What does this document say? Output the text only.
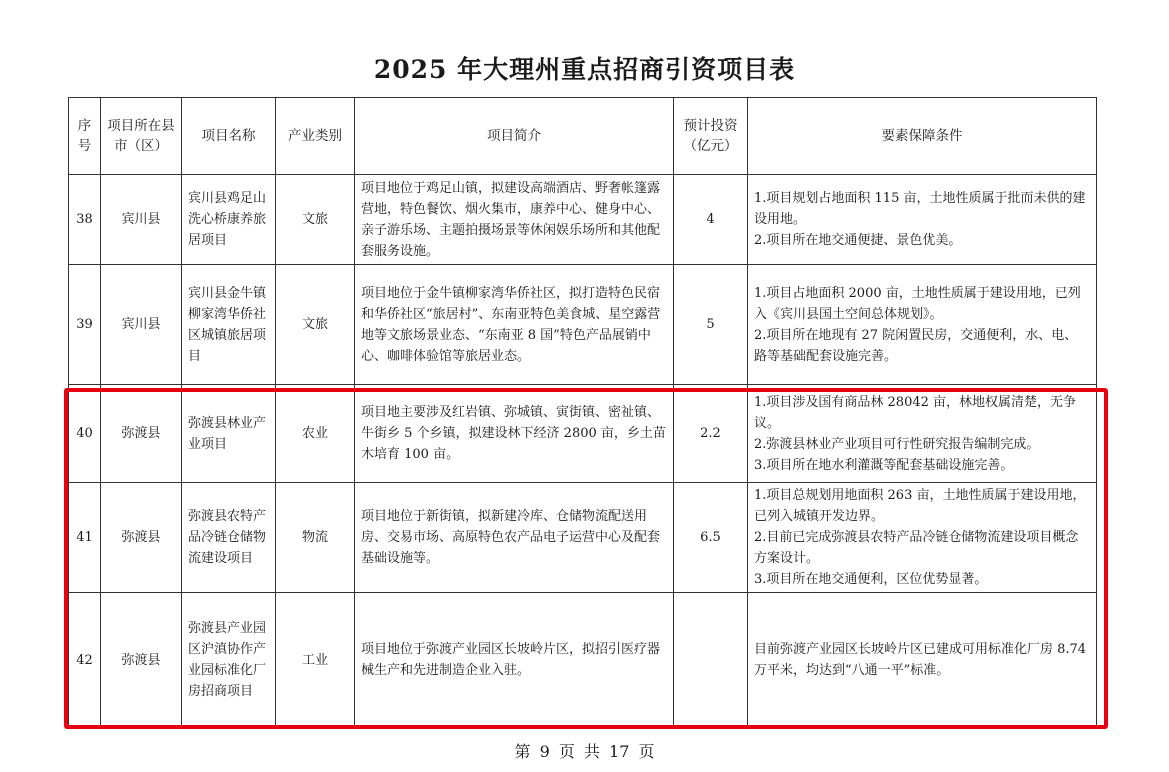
2025 年大理州重点招商引资项目表
序号	项目所在县市（区）	项目名称	产业类别	项目简介	预计投资（亿元）	要素保障条件
38	宾川县	宾川县鸡足山洗心桥康养旅居项目	文旅	项目地位于鸡足山镇，拟建设高端酒店、野奢帐篷露营地，特色餐饮、烟火集市，康养中心、健身中心、亲子游乐场、主题拍摄场景等休闲娱乐场所和其他配套服务设施。	4	1.项目规划占地面积 115 亩，土地性质属于批而未供的建设用地。
2.项目所在地交通便捷、景色优美。

39	宾川县	宾川县金牛镇柳家湾华侨社区城镇旅居项目	文旅	项目地位于金牛镇柳家湾华侨社区，拟打造特色民宿和华侨社区“旅居村”、东南亚特色美食城、星空露营地等文旅场景业态、“东南亚 8 国”特色产品展销中心、咖啡体验馆等旅居业态。	5	1.项目占地面积 2000 亩，土地性质属于建设用地，已列入《宾川县国土空间总体规划》。
2.项目所在地现有 27 院闲置民房，交通便利，水、电、路等基础配套设施完善。

40	弥渡县	弥渡县林业产业项目	农业	项目地主要涉及红岩镇、弥城镇、寅街镇、密祉镇、牛街乡 5 个乡镇，拟建设林下经济 2800 亩，乡土苗木培育 100 亩。	2.2	1.项目涉及国有商品林 28042 亩，林地权属清楚，无争议。
2.弥渡县林业产业项目可行性研究报告编制完成。
3.项目所在地水利灌溉等配套基础设施完善。

41	弥渡县	弥渡县农特产品冷链仓储物流建设项目	物流	项目地位于新街镇，拟新建冷库、仓储物流配送用房、交易市场、高原特色农产品电子运营中心及配套基础设施等。	6.5	1.项目总规划用地面积 263 亩，土地性质属于建设用地，已列入城镇开发边界。
2.目前已完成弥渡县农特产品冷链仓储物流建设项目概念方案设计。
3.项目所在地交通便利，区位优势显著。

42	弥渡县	弥渡县产业园区沪滇协作产业园标准化厂房招商项目	工业	项目地位于弥渡产业园区长坡岭片区，拟招引医疗器械生产和先进制造企业入驻。		目前弥渡产业园区长坡岭片区已建成可用标准化厂房 8.74 万平米，均达到“八通一平”标准。
第 9 页 共 17 页
